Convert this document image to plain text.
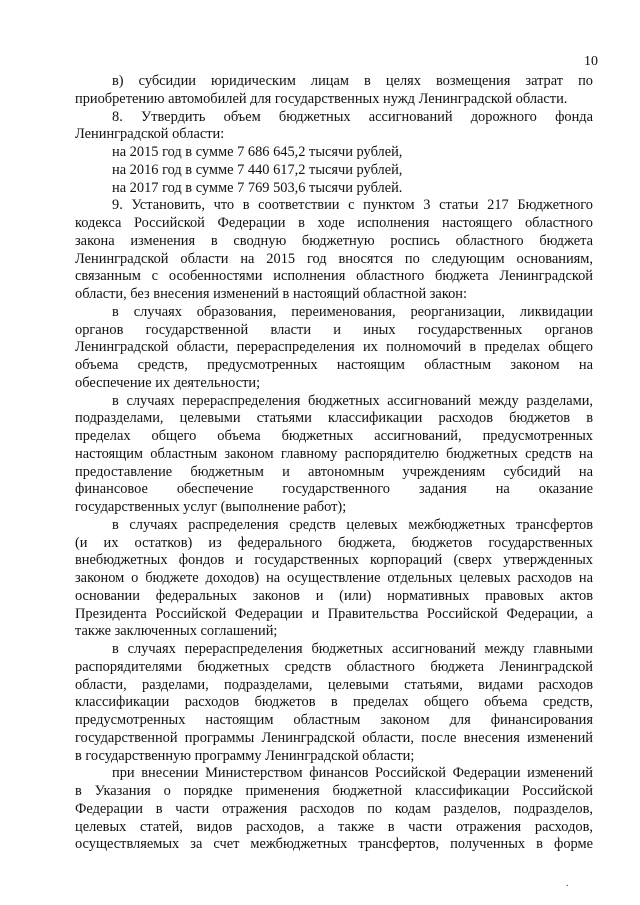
10
в) субсидии юридическим лицам в целях возмещения затрат по
приобретению автомобилей для государственных нужд Ленинградской области.
8. Утвердить объем бюджетных ассигнований дорожного фонда
Ленинградской области:
на 2015 год в сумме 7 686 645,2 тысячи рублей,
на 2016 год в сумме 7 440 617,2 тысячи рублей,
на 2017 год в сумме 7 769 503,6 тысячи рублей.
9. Установить, что в соответствии с пунктом 3 статьи 217 Бюджетного
кодекса Российской Федерации в ходе исполнения настоящего областного
закона изменения в сводную бюджетную роспись областного бюджета
Ленинградской области на 2015 год вносятся по следующим основаниям,
связанным с особенностями исполнения областного бюджета Ленинградской
области, без внесения изменений в настоящий областной закон:
в случаях образования, переименования, реорганизации, ликвидации
органов государственной власти и иных государственных органов
Ленинградской области, перераспределения их полномочий в пределах общего
объема средств, предусмотренных настоящим областным законом на
обеспечение их деятельности;
в случаях перераспределения бюджетных ассигнований между разделами,
подразделами, целевыми статьями классификации расходов бюджетов в
пределах общего объема бюджетных ассигнований, предусмотренных
настоящим областным законом главному распорядителю бюджетных средств на
предоставление бюджетным и автономным учреждениям субсидий на
финансовое обеспечение государственного задания на оказание
государственных услуг (выполнение работ);
в случаях распределения средств целевых межбюджетных трансфертов
(и их остатков) из федерального бюджета, бюджетов государственных
внебюджетных фондов и государственных корпораций (сверх утвержденных
законом о бюджете доходов) на осуществление отдельных целевых расходов на
основании федеральных законов и (или) нормативных правовых актов
Президента Российской Федерации и Правительства Российской Федерации, а
также заключенных соглашений;
в случаях перераспределения бюджетных ассигнований между главными
распорядителями бюджетных средств областного бюджета Ленинградской
области, разделами, подразделами, целевыми статьями, видами расходов
классификации расходов бюджетов в пределах общего объема средств,
предусмотренных настоящим областным законом для финансирования
государственной программы Ленинградской области, после внесения изменений
в государственную программу Ленинградской области;
при внесении Министерством финансов Российской Федерации изменений
в Указания о порядке применения бюджетной классификации Российской
Федерации в части отражения расходов по кодам разделов, подразделов,
целевых статей, видов расходов, а также в части отражения расходов,
осуществляемых за счет межбюджетных трансфертов, полученных в форме
.
